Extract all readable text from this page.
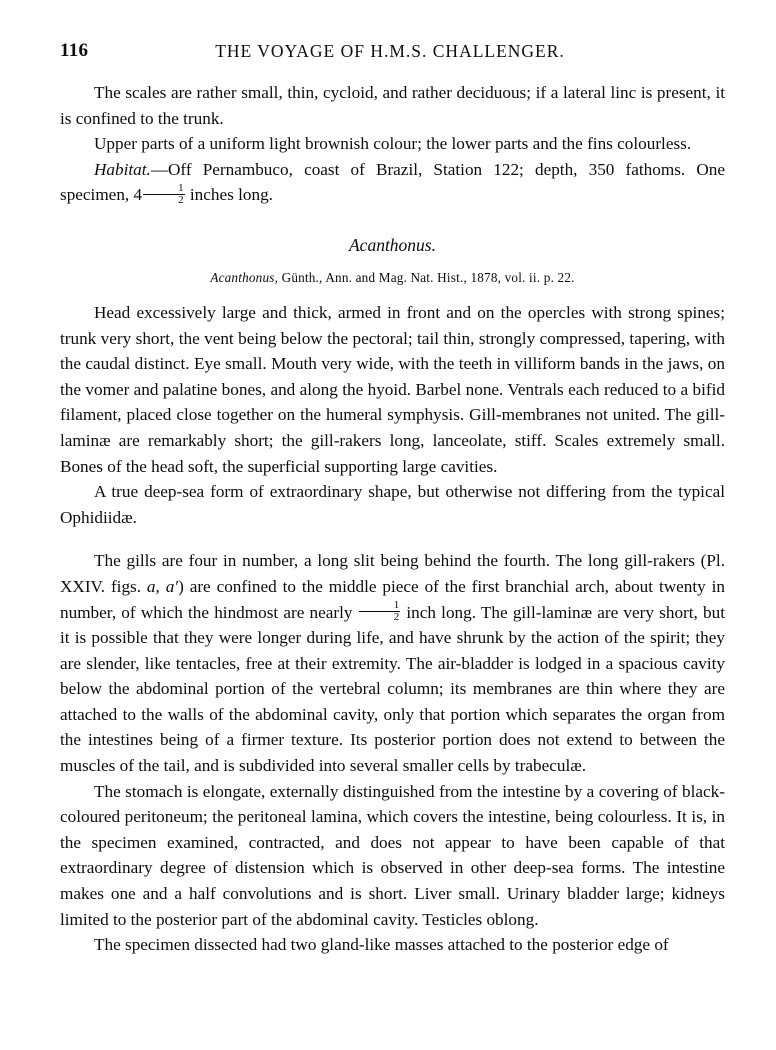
116	THE VOYAGE OF H.M.S. CHALLENGER.

The scales are rather small, thin, cycloid, and rather deciduous; if a lateral linc is present, it is confined to the trunk.

Upper parts of a uniform light brownish colour; the lower parts and the fins colourless.

Habitat.—Off Pernambuco, coast of Brazil, Station 122; depth, 350 fathoms. One specimen, $4 \frac{1}{2}$ inches long.

Acanthonus.

Acanthonus, Günth., Ann. and Mag. Nat. Hist., 1878, vol. ii. p. 22.

Head excessively large and thick, armed in front and on the opercles with strong spines; trunk very short, the vent being below the pectoral; tail thin, strongly compressed, tapering, with the caudal distinct. Eye small. Mouth very wide, with the teeth in villiform bands in the jaws, on the vomer and palatine bones, and along the hyoid. Barbel none. Ventrals each reduced to a bifid filament, placed close together on the humeral symphysis. Gill-membranes not united. The gill-laminæ are remarkably short; the gill-rakers long, lanceolate, stiff. Scales extremely small. Bones of the head soft, the superficial supporting large cavities.

A true deep-sea form of extraordinary shape, but otherwise not differing from the typical Ophidiidæ.

The gills are four in number, a long slit being behind the fourth. The long gill-rakers (Pl. XXIV. figs. a, a′) are confined to the middle piece of the first branchial arch, about twenty in number, of which the hindmost are nearly $\frac{1}{2}$ inch long. The gill-laminæ are very short, but it is possible that they were longer during life, and have shrunk by the action of the spirit; they are slender, like tentacles, free at their extremity. The air-bladder is lodged in a spacious cavity below the abdominal portion of the vertebral column; its membranes are thin where they are attached to the walls of the abdominal cavity, only that portion which separates the organ from the intestines being of a firmer texture. Its posterior portion does not extend to between the muscles of the tail, and is subdivided into several smaller cells by trabeculæ.

The stomach is elongate, externally distinguished from the intestine by a covering of black-coloured peritoneum; the peritoneal lamina, which covers the intestine, being colourless. It is, in the specimen examined, contracted, and does not appear to have been capable of that extraordinary degree of distension which is observed in other deep-sea forms. The intestine makes one and a half convolutions and is short. Liver small. Urinary bladder large; kidneys limited to the posterior part of the abdominal cavity. Testicles oblong.

The specimen dissected had two gland-like masses attached to the posterior edge of
